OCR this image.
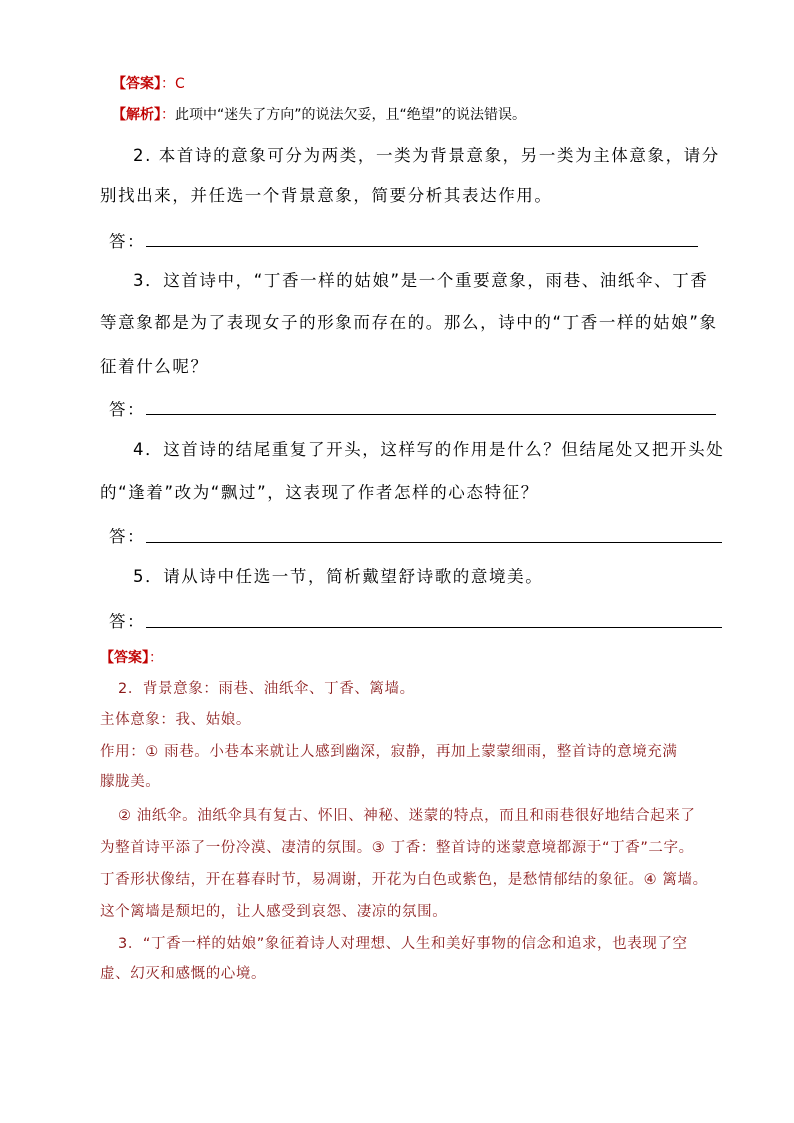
【答案】：C
【解析】：此项中“迷失了方向”的说法欠妥，且“绝望”的说法错误。
2. 本首诗的意象可分为两类，一类为背景意象，另一类为主体意象，请分
别找出来，并任选一个背景意象，简要分析其表达作用。
答：
3．这首诗中，“丁香一样的姑娘”是一个重要意象，雨巷、油纸伞、丁香
等意象都是为了表现女子的形象而存在的。那么，诗中的“丁香一样的姑娘”象
征着什么呢？
答：
4．这首诗的结尾重复了开头，这样写的作用是什么？但结尾处又把开头处
的“逢着”改为“飘过”，这表现了作者怎样的心态特征？
答：
5．请从诗中任选一节，简析戴望舒诗歌的意境美。
答：
【答案】：
2．背景意象：雨巷、油纸伞、丁香、篱墙。
主体意象：我、姑娘。
作用：① 雨巷。小巷本来就让人感到幽深，寂静，再加上蒙蒙细雨，整首诗的意境充满
朦胧美。
② 油纸伞。油纸伞具有复古、怀旧、神秘、迷蒙的特点，而且和雨巷很好地结合起来了
为整首诗平添了一份冷漠、凄清的氛围。③ 丁香：整首诗的迷蒙意境都源于“丁香”二字。
丁香形状像结，开在暮春时节，易凋谢，开花为白色或紫色，是愁情郁结的象征。④ 篱墙。
这个篱墙是颓圯的，让人感受到哀怨、凄凉的氛围。
3．“丁香一样的姑娘”象征着诗人对理想、人生和美好事物的信念和追求，也表现了空
虚、幻灭和感慨的心境。
